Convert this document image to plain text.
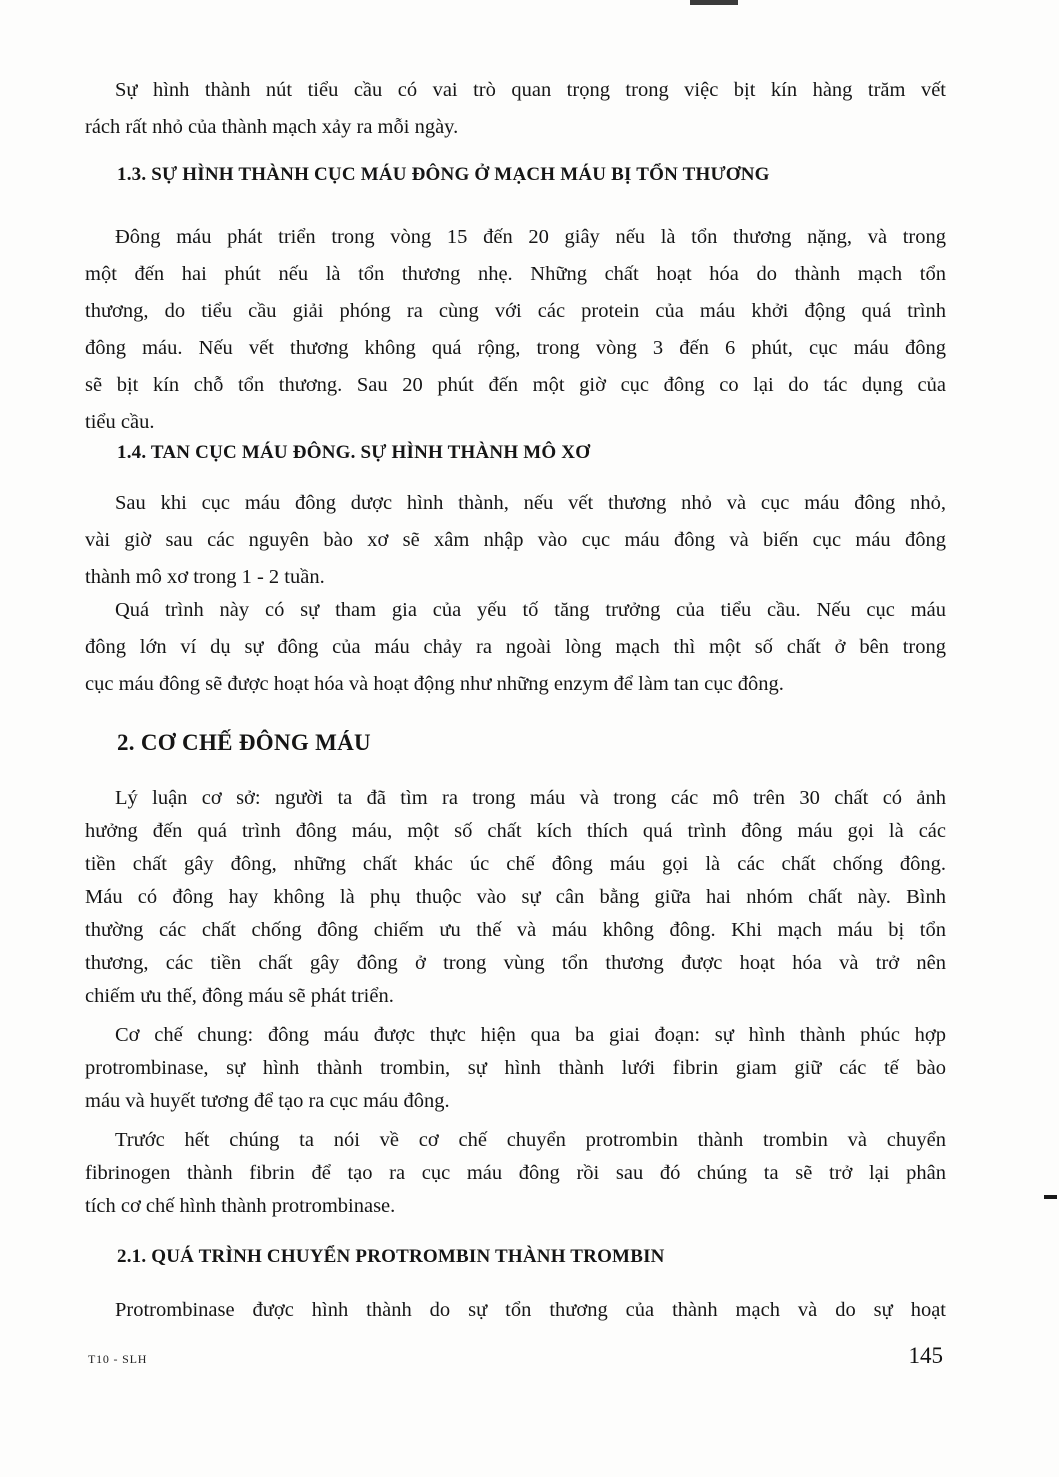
Sự hình thành nút tiểu cầu có vai trò quan trọng trong việc bịt kín hàng trăm vết
rách rất nhỏ của thành mạch xảy ra mỗi ngày.
1.3. SỰ HÌNH THÀNH CỤC MÁU ĐÔNG Ở MẠCH MÁU BỊ TỔN THƯƠNG
Đông máu phát triển trong vòng 15 đến 20 giây nếu là tổn thương nặng, và trong
một đến hai phút nếu là tổn thương nhẹ. Những chất hoạt hóa do thành mạch tổn
thương, do tiểu cầu giải phóng ra cùng với các protein của máu khởi động quá trình
đông máu. Nếu vết thương không quá rộng, trong vòng 3 đến 6 phút, cục máu đông
sẽ bịt kín chỗ tổn thương. Sau 20 phút đến một giờ cục đông co lại do tác dụng của
tiểu cầu.
1.4. TAN CỤC MÁU ĐÔNG. SỰ HÌNH THÀNH MÔ XƠ
Sau khi cục máu đông dược hình thành, nếu vết thương nhỏ và cục máu đông nhỏ,
vài giờ sau các nguyên bào xơ sẽ xâm nhập vào cục máu đông và biến cục máu đông
thành mô xơ trong 1 - 2 tuần.
Quá trình này có sự tham gia của yếu tố tăng trưởng của tiểu cầu. Nếu cục máu
đông lớn ví dụ sự đông của máu chảy ra ngoài lòng mạch thì một số chất ở bên trong
cục máu đông sẽ được hoạt hóa và hoạt động như những enzym để làm tan cục đông.
2. CƠ CHẾ ĐÔNG MÁU
Lý luận cơ sở: người ta đã tìm ra trong máu và trong các mô trên 30 chất có ảnh
hưởng đến quá trình đông máu, một số chất kích thích quá trình đông máu gọi là các
tiền chất gây đông, những chất khác úc chế đông máu gọi là các chất chống đông.
Máu có đông hay không là phụ thuộc vào sự cân bằng giữa hai nhóm chất này. Bình
thường các chất chống đông chiếm ưu thế và máu không đông. Khi mạch máu bị tổn
thương, các tiền chất gây đông ở trong vùng tổn thương được hoạt hóa và trở nên
chiếm ưu thế, đông máu sẽ phát triển.
Cơ chế chung: đông máu được thực hiện qua ba giai đoạn: sự hình thành phúc hợp
protrombinase, sự hình thành trombin, sự hình thành lưới fibrin giam giữ các tế bào
máu và huyết tương để tạo ra cục máu đông.
Trước hết chúng ta nói về cơ chế chuyển protrombin thành trombin và chuyển
fibrinogen thành fibrin để tạo ra cục máu đông rồi sau đó chúng ta sẽ trở lại phân
tích cơ chế hình thành protrombinase.
2.1. QUÁ TRÌNH CHUYỂN PROTROMBIN THÀNH TROMBIN
Protrombinase được hình thành do sự tổn thương của thành mạch và do sự hoạt
T10 - SLH	145
